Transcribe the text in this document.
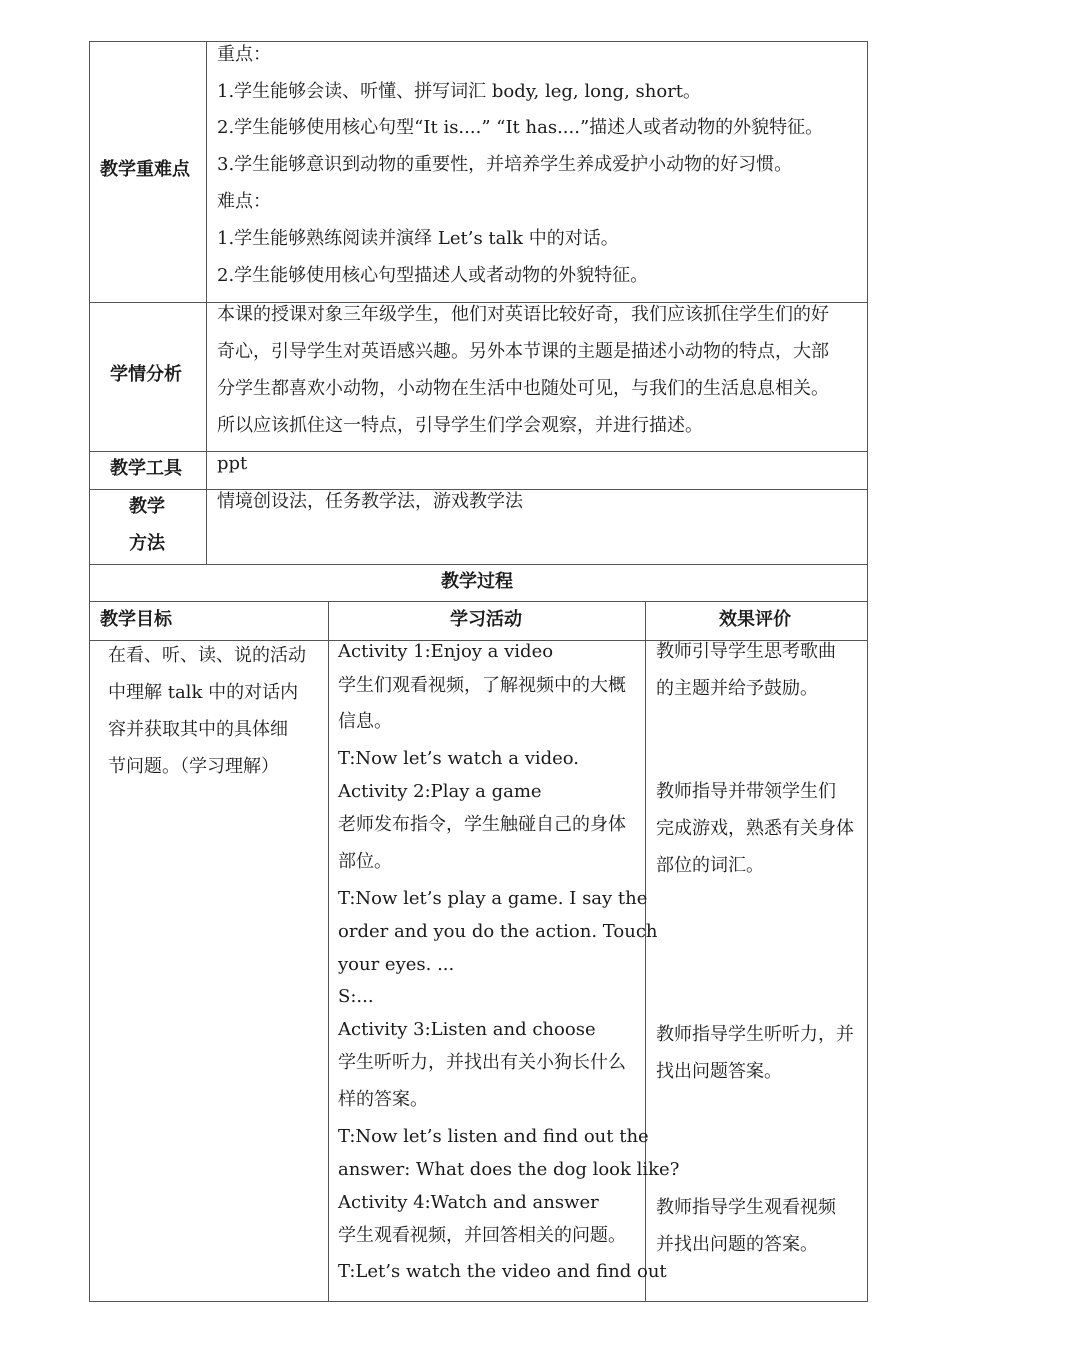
教学重难点
重点：
1.学生能够会读、听懂、拼写词汇 body, leg, long, short。
2.学生能够使用核心句型“It is....” “It has....”描述人或者动物的外貌特征。
3.学生能够意识到动物的重要性，并培养学生养成爱护小动物的好习惯。
难点：
1.学生能够熟练阅读并演绎 Let’s talk 中的对话。
2.学生能够使用核心句型描述人或者动物的外貌特征。
学情分析
本课的授课对象三年级学生，他们对英语比较好奇，我们应该抓住学生们的好
奇心，引导学生对英语感兴趣。另外本节课的主题是描述小动物的特点，大部
分学生都喜欢小动物，小动物在生活中也随处可见，与我们的生活息息相关。
所以应该抓住这一特点，引导学生们学会观察，并进行描述。
教学工具 ppt
教学
方法
情境创设法，任务教学法，游戏教学法
教学过程
教学目标	学习活动	效果评价
在看、听、读、说的活动
中理解 talk 中的对话内
容并获取其中的具体细
节问题。（学习理解）
Activity 1:Enjoy a video
学生们观看视频，了解视频中的大概
信息。
T:Now let’s watch a video.
Activity 2:Play a game
老师发布指令，学生触碰自己的身体
部位。
T:Now let’s play a game. I say the
order and you do the action. Touch
your eyes. ...
S:...
Activity 3:Listen and choose
学生听听力，并找出有关小狗长什么
样的答案。
T:Now let’s listen and find out the
answer: What does the dog look like?
Activity 4:Watch and answer
学生观看视频，并回答相关的问题。
T:Let’s watch the video and find out
教师引导学生思考歌曲
的主题并给予鼓励。
教师指导并带领学生们
完成游戏，熟悉有关身体
部位的词汇。
教师指导学生听听力，并
找出问题答案。
教师指导学生观看视频
并找出问题的答案。
